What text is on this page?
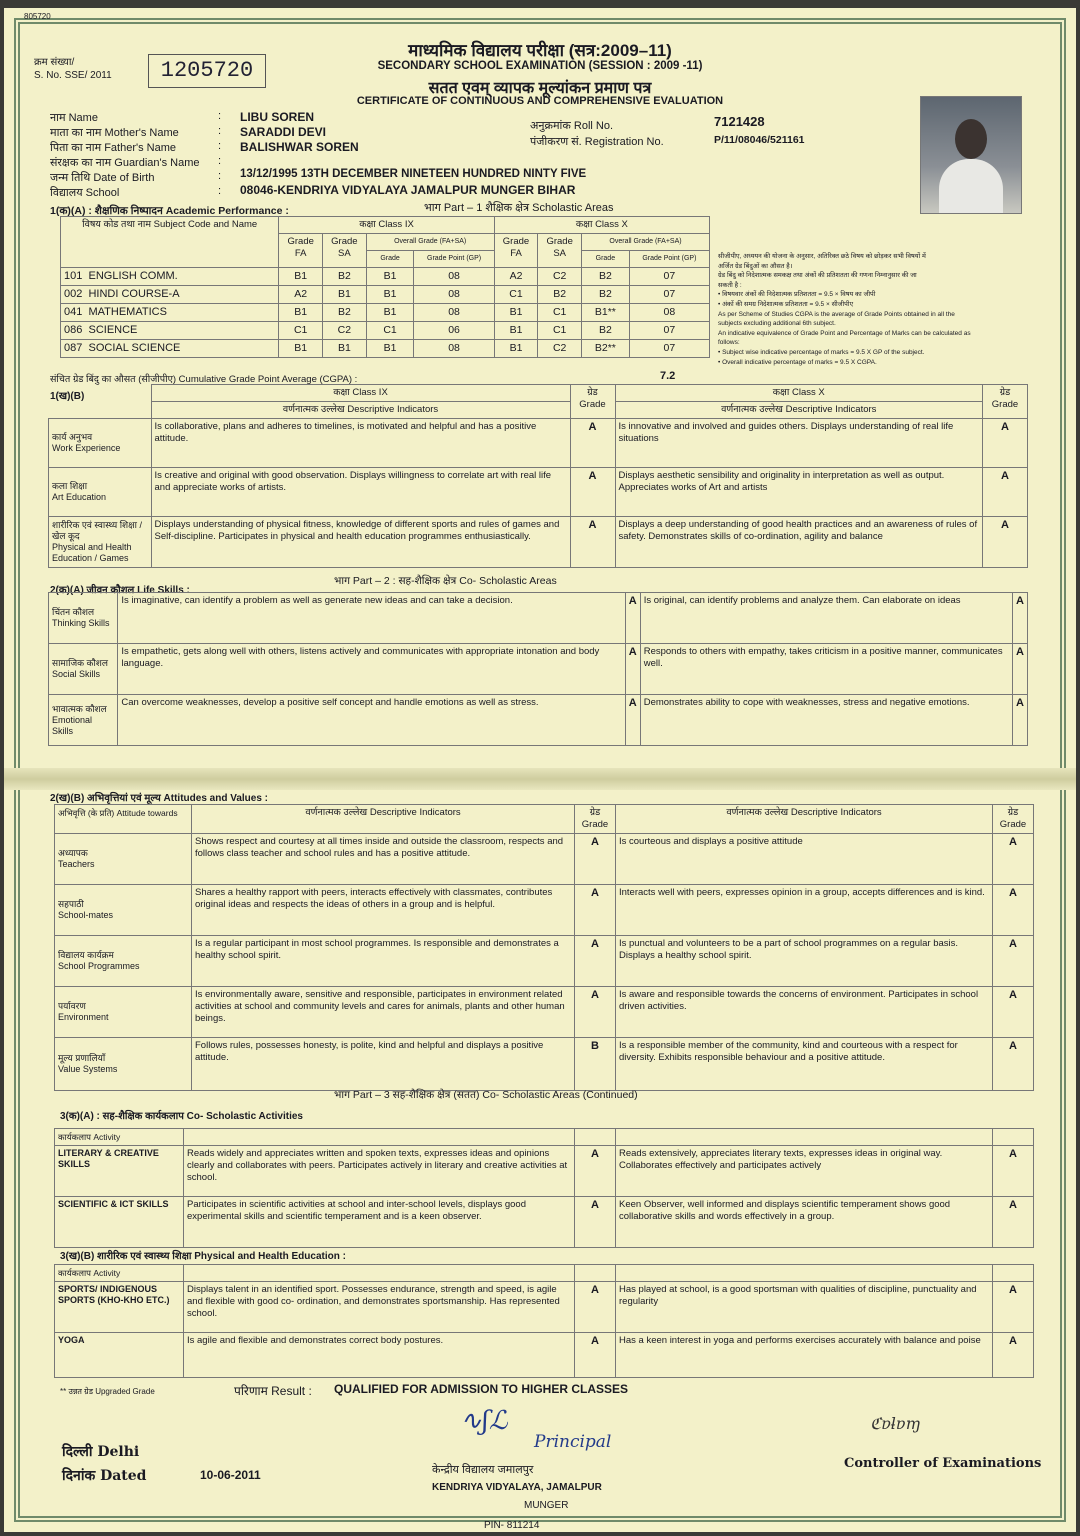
805720
क्रम संख्या/
S. No. SSE/ 2011	1205720
माध्यमिक विद्यालय परीक्षा (सत्र:2009–11)
SECONDARY SCHOOL EXAMINATION (SESSION : 2009 -11)
सतत एवम् व्यापक मूल्यांकन प्रमाण पत्र
CERTIFICATE OF CONTINUOUS AND COMPREHENSIVE EVALUATION
नाम Name	: LIBU SOREN
माता का नाम Mother's Name	: SARADDI DEVI
पिता का नाम Father's Name	: BALISHWAR SOREN
संरक्षक का नाम Guardian's Name :
जन्म तिथि Date of Birth	: 13/12/1995 13TH DECEMBER NINETEEN HUNDRED NINTY FIVE
विद्यालय School	: 08046-KENDRIYA VIDYALAYA JAMALPUR MUNGER BIHAR
अनुक्रमांक Roll No.	7121428
पंजीकरण सं. Registration No.	P/11/08046/521161
1(क)(A) : शैक्षणिक निष्पादन Academic Performance :	भाग Part – 1 शैक्षिक क्षेत्र Scholastic Areas
विषय कोड तथा नाम Subject Code and Name	कक्षा Class IX				कक्षा Class X			
	Grade FA	Grade SA	Overall Grade (FA+SA)		Grade FA	Grade SA	Overall Grade (FA+SA)	
			Grade	Grade Point (GP)			Grade	Grade Point (GP)
101 ENGLISH COMM.	B1	B2	B1	08	A2	C2	B2	07
002 HINDI COURSE-A	A2	B1	B1	08	C1	B2	B2	07
041 MATHEMATICS	B1	B2	B1	08	B1	C1	B1**	08
086 SCIENCE	C1	C2	C1	06	B1	C1	B2	07
087 SOCIAL SCIENCE	B1	B1	B1	08	B1	C2	B2**	07
सीजीपीए, अध्ययन की योजना के अनुसार, अतिरिक्त छठे विषय को छोड़कर सभी विषयों में
अर्जित ग्रेड बिंदुओं का औसत है।
ग्रेड बिंदु को निदेशात्मक समकक्ष तथा अंकों की प्रतिशतता की गणना निम्नानुसार की जा
सकती है :
• विषयवार अंकों की निदेशात्मक प्रतिशतता = 9.5 × विषय का जीपी
• अंकों की समग्र निदेशात्मक प्रतिशतता = 9.5 × सीजीपीए
As per Scheme of Studies CGPA is the average of Grade Points obtained in all the
subjects excluding additional 6th subject.
An indicative equivalence of Grade Point and Percentage of Marks can be calculated as
follows:
• Subject wise indicative percentage of marks = 9.5 X GP of the subject.
• Overall indicative percentage of marks = 9.5 X CGPA.
संचित ग्रेड बिंदु का औसत (सीजीपीए) Cumulative Grade Point Average (CGPA) :	7.2
1(ख)(B)
		कक्षा Class IX	ग्रेड Grade	कक्षा Class X	ग्रेड Grade
	वर्णनात्मक उल्लेख Descriptive Indicators		वर्णनात्मक उल्लेख Descriptive Indicators	

कार्य अनुभव
Work Experience	Is collaborative, plans and adheres to timelines, is motivated and helpful and has a positive attitude.	A	Is innovative and involved and guides others. Displays understanding of real life situations	A

कला शिक्षा
Art Education	Is creative and original with good observation. Displays willingness to correlate art with real life and appreciate works of artists.	A	Displays aesthetic sensibility and originality in interpretation as well as output. Appreciates works of Art and artists	A

शारीरिक एवं स्वास्थ्य शिक्षा / खेल कूद
Physical and Health Education / Games	Displays understanding of physical fitness, knowledge of different sports and rules of games and Self-discipline. Participates in physical and health education programmes enthusiastically.	A	Displays a deep understanding of good health practices and an awareness of rules of safety. Demonstrates skills of co-ordination, agility and balance	A
भाग Part – 2 : सह-शैक्षिक क्षेत्र Co- Scholastic Areas
2(क)(A) जीवन कौशल Life Skills :
चिंतन कौशल
Thinking Skills	Is imaginative, can identify a problem as well as generate new ideas and can take a decision.	A	Is original, can identify problems and analyze them. Can elaborate on ideas	A

सामाजिक कौशल
Social Skills	Is empathetic, gets along well with others, listens actively and communicates with appropriate intonation and body language.	A	Responds to others with empathy, takes criticism in a positive manner, communicates well.	A

भावात्मक कौशल
Emotional Skills	Can overcome weaknesses, develop a positive self concept and handle emotions as well as stress.	A	Demonstrates ability to cope with weaknesses, stress and negative emotions.	A
2(ख)(B) अभिवृत्तियां एवं मूल्य Attitudes and Values :
अभिवृत्ति (के प्रति) Attitude towards	वर्णनात्मक उल्लेख Descriptive Indicators	ग्रेड Grade	वर्णनात्मक उल्लेख Descriptive Indicators	ग्रेड Grade

अध्यापक
Teachers	Shows respect and courtesy at all times inside and outside the classroom, respects and follows class teacher and school rules and has a positive attitude.	A	Is courteous and displays a positive attitude	A

सहपाठी
School-mates	Shares a healthy rapport with peers, interacts effectively with classmates, contributes original ideas and respects the ideas of others in a group and is helpful.	A	Interacts well with peers, expresses opinion in a group, accepts differences and is kind.	A

विद्यालय कार्यक्रम
School Programmes	Is a regular participant in most school programmes. Is responsible and demonstrates a healthy school spirit.	A	Is punctual and volunteers to be a part of school programmes on a regular basis. Displays a healthy school spirit.	A

पर्यावरण
Environment	Is environmentally aware, sensitive and responsible, participates in environment related activities at school and community levels and cares for animals, plants and other human beings.	A	Is aware and responsible towards the concerns of environment. Participates in school driven activities.	A

मूल्य प्रणालियाँ
Value Systems	Follows rules, possesses honesty, is polite, kind and helpful and displays a positive attitude.	B	Is a responsible member of the community, kind and courteous with a respect for diversity. Exhibits responsible behaviour and a positive attitude.	A
भाग Part – 3 सह-शैक्षिक क्षेत्र (सतत) Co- Scholastic Areas (Continued)
3(क)(A) : सह-शैक्षिक कार्यकलाप Co- Scholastic Activities
कार्यकलाप Activity				
LITERARY & CREATIVE SKILLS	Reads widely and appreciates written and spoken texts, expresses ideas and opinions clearly and collaborates with peers. Participates actively in literary and creative activities at school.	A	Reads extensively, appreciates literary texts, expresses ideas in original way. Collaborates effectively and participates actively	A
SCIENTIFIC & ICT SKILLS	Participates in scientific activities at school and inter-school levels, displays good experimental skills and scientific temperament and is a keen observer.	A	Keen Observer, well informed and displays scientific temperament shows good collaborative skills and words effectively in a group.	A
3(ख)(B) शारीरिक एवं स्वास्थ्य शिक्षा Physical and Health Education :
कार्यकलाप Activity				
SPORTS/ INDIGENOUS SPORTS (KHO-KHO ETC.)	Displays talent in an identified sport. Possesses endurance, strength and speed, is agile and flexible with good co- ordination, and demonstrates sportsmanship. Has represented school.	A	Has played at school, is a good sportsman with qualities of discipline, punctuality and regularity	A
YOGA	Is agile and flexible and demonstrates correct body postures.	A	Has a keen interest in yoga and performs exercises accurately with balance and poise	A
** उन्नत ग्रेड Upgraded Grade	परिणाम Result : QUALIFIED FOR ADMISSION TO HIGHER CLASSES
दिल्ली Delhi
दिनांक Dated	10-06-2011
∿ʃℒ
Principal
केन्द्रीय विद्यालय जमालपुर
KENDRIYA VIDYALAYA, JAMALPUR
MUNGER
PIN- 811214
ℭɐƚɐɱ
Controller of Examinations
